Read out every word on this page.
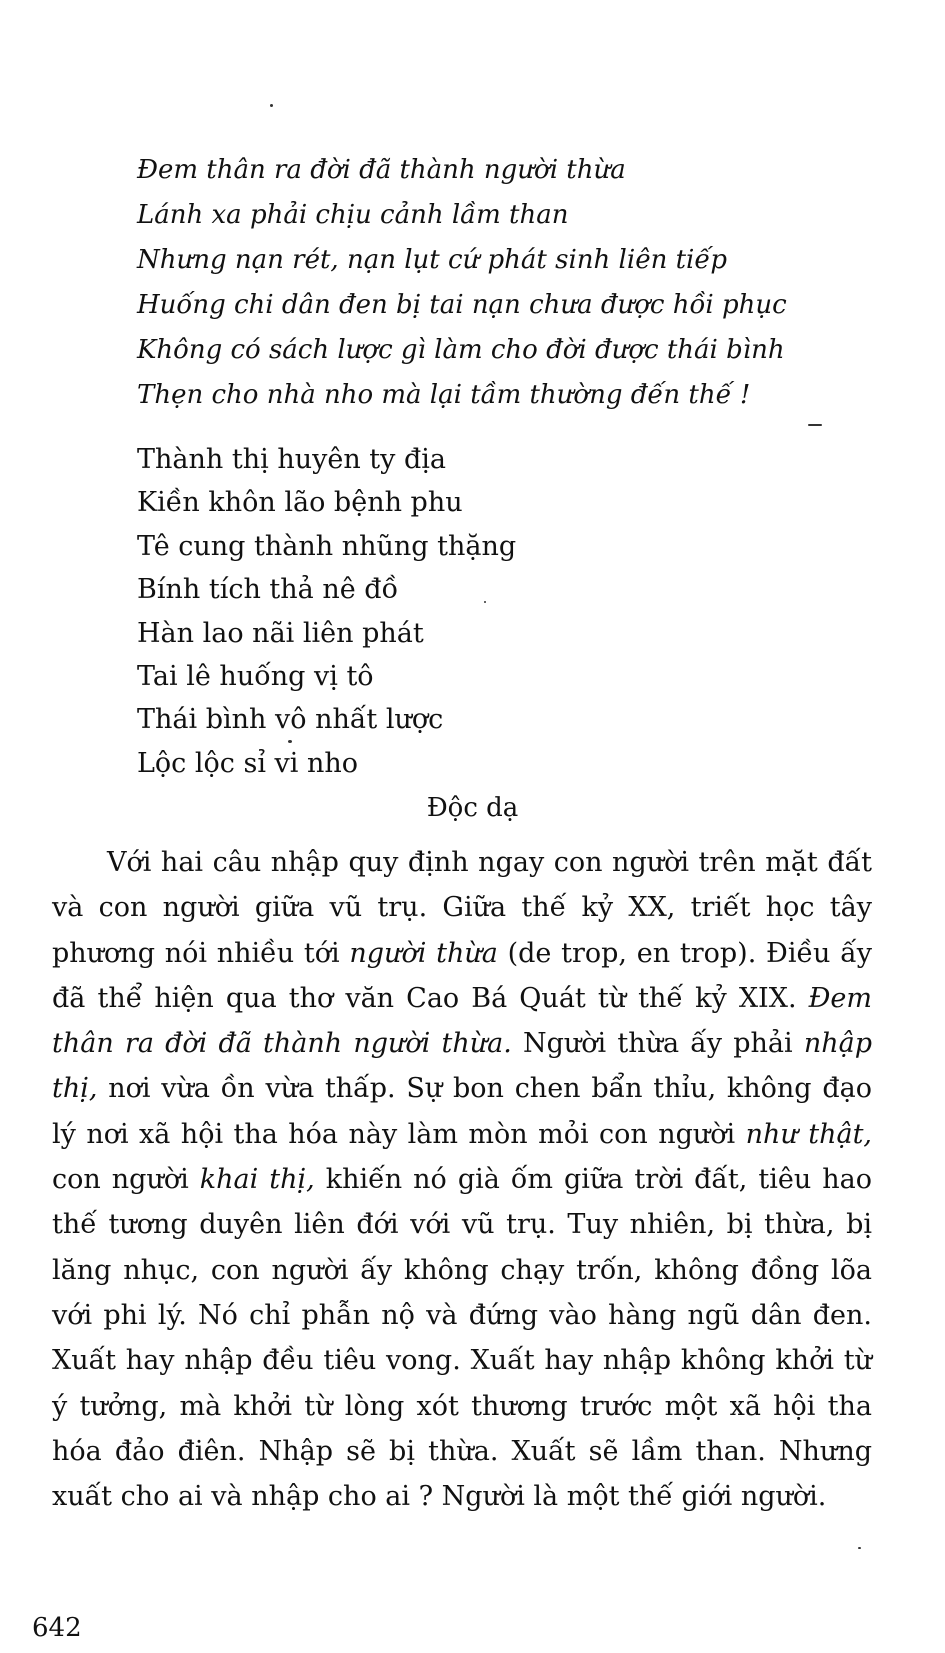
Đem thân ra đời đã thành người thừa
Lánh xa phải chịu cảnh lầm than
Nhưng nạn rét, nạn lụt cứ phát sinh liên tiếp
Huống chi dân đen bị tai nạn chưa được hồi phục
Không có sách lược gì làm cho đời được thái bình
Thẹn cho nhà nho mà lại tầm thường đến thế !
Thành thị huyên ty địa
Kiền khôn lão bệnh phu
Tê cung thành nhũng thặng
Bính tích thả nê đồ
Hàn lao nãi liên phát
Tai lê huống vị tô
Thái bình vô nhất lược
Lộc lộc sỉ vi nho
Độc dạ

Với hai câu nhập quy định ngay con người trên mặt đất và con người giữa vũ trụ. Giữa thế kỷ XX, triết học tây phương nói nhiều tới người thừa (de trop, en trop). Điều ấy đã thể hiện qua thơ văn Cao Bá Quát từ thế kỷ XIX. Đem thân ra đời đã thành người thừa. Người thừa ấy phải nhập thị, nơi vừa ồn vừa thấp. Sự bon chen bẩn thỉu, không đạo lý nơi xã hội tha hóa này làm mòn mỏi con người như thật, con người khai thị, khiến nó già ốm giữa trời đất, tiêu hao thế tương duyên liên đới với vũ trụ. Tuy nhiên, bị thừa, bị lăng nhục, con người ấy không chạy trốn, không đồng lõa với phi lý. Nó chỉ phẫn nộ và đứng vào hàng ngũ dân đen. Xuất hay nhập đều tiêu vong. Xuất hay nhập không khởi từ ý tưởng, mà khởi từ lòng xót thương trước một xã hội tha hóa đảo điên. Nhập sẽ bị thừa. Xuất sẽ lầm than. Nhưng xuất cho ai và nhập cho ai ? Người là một thế giới người.

642
